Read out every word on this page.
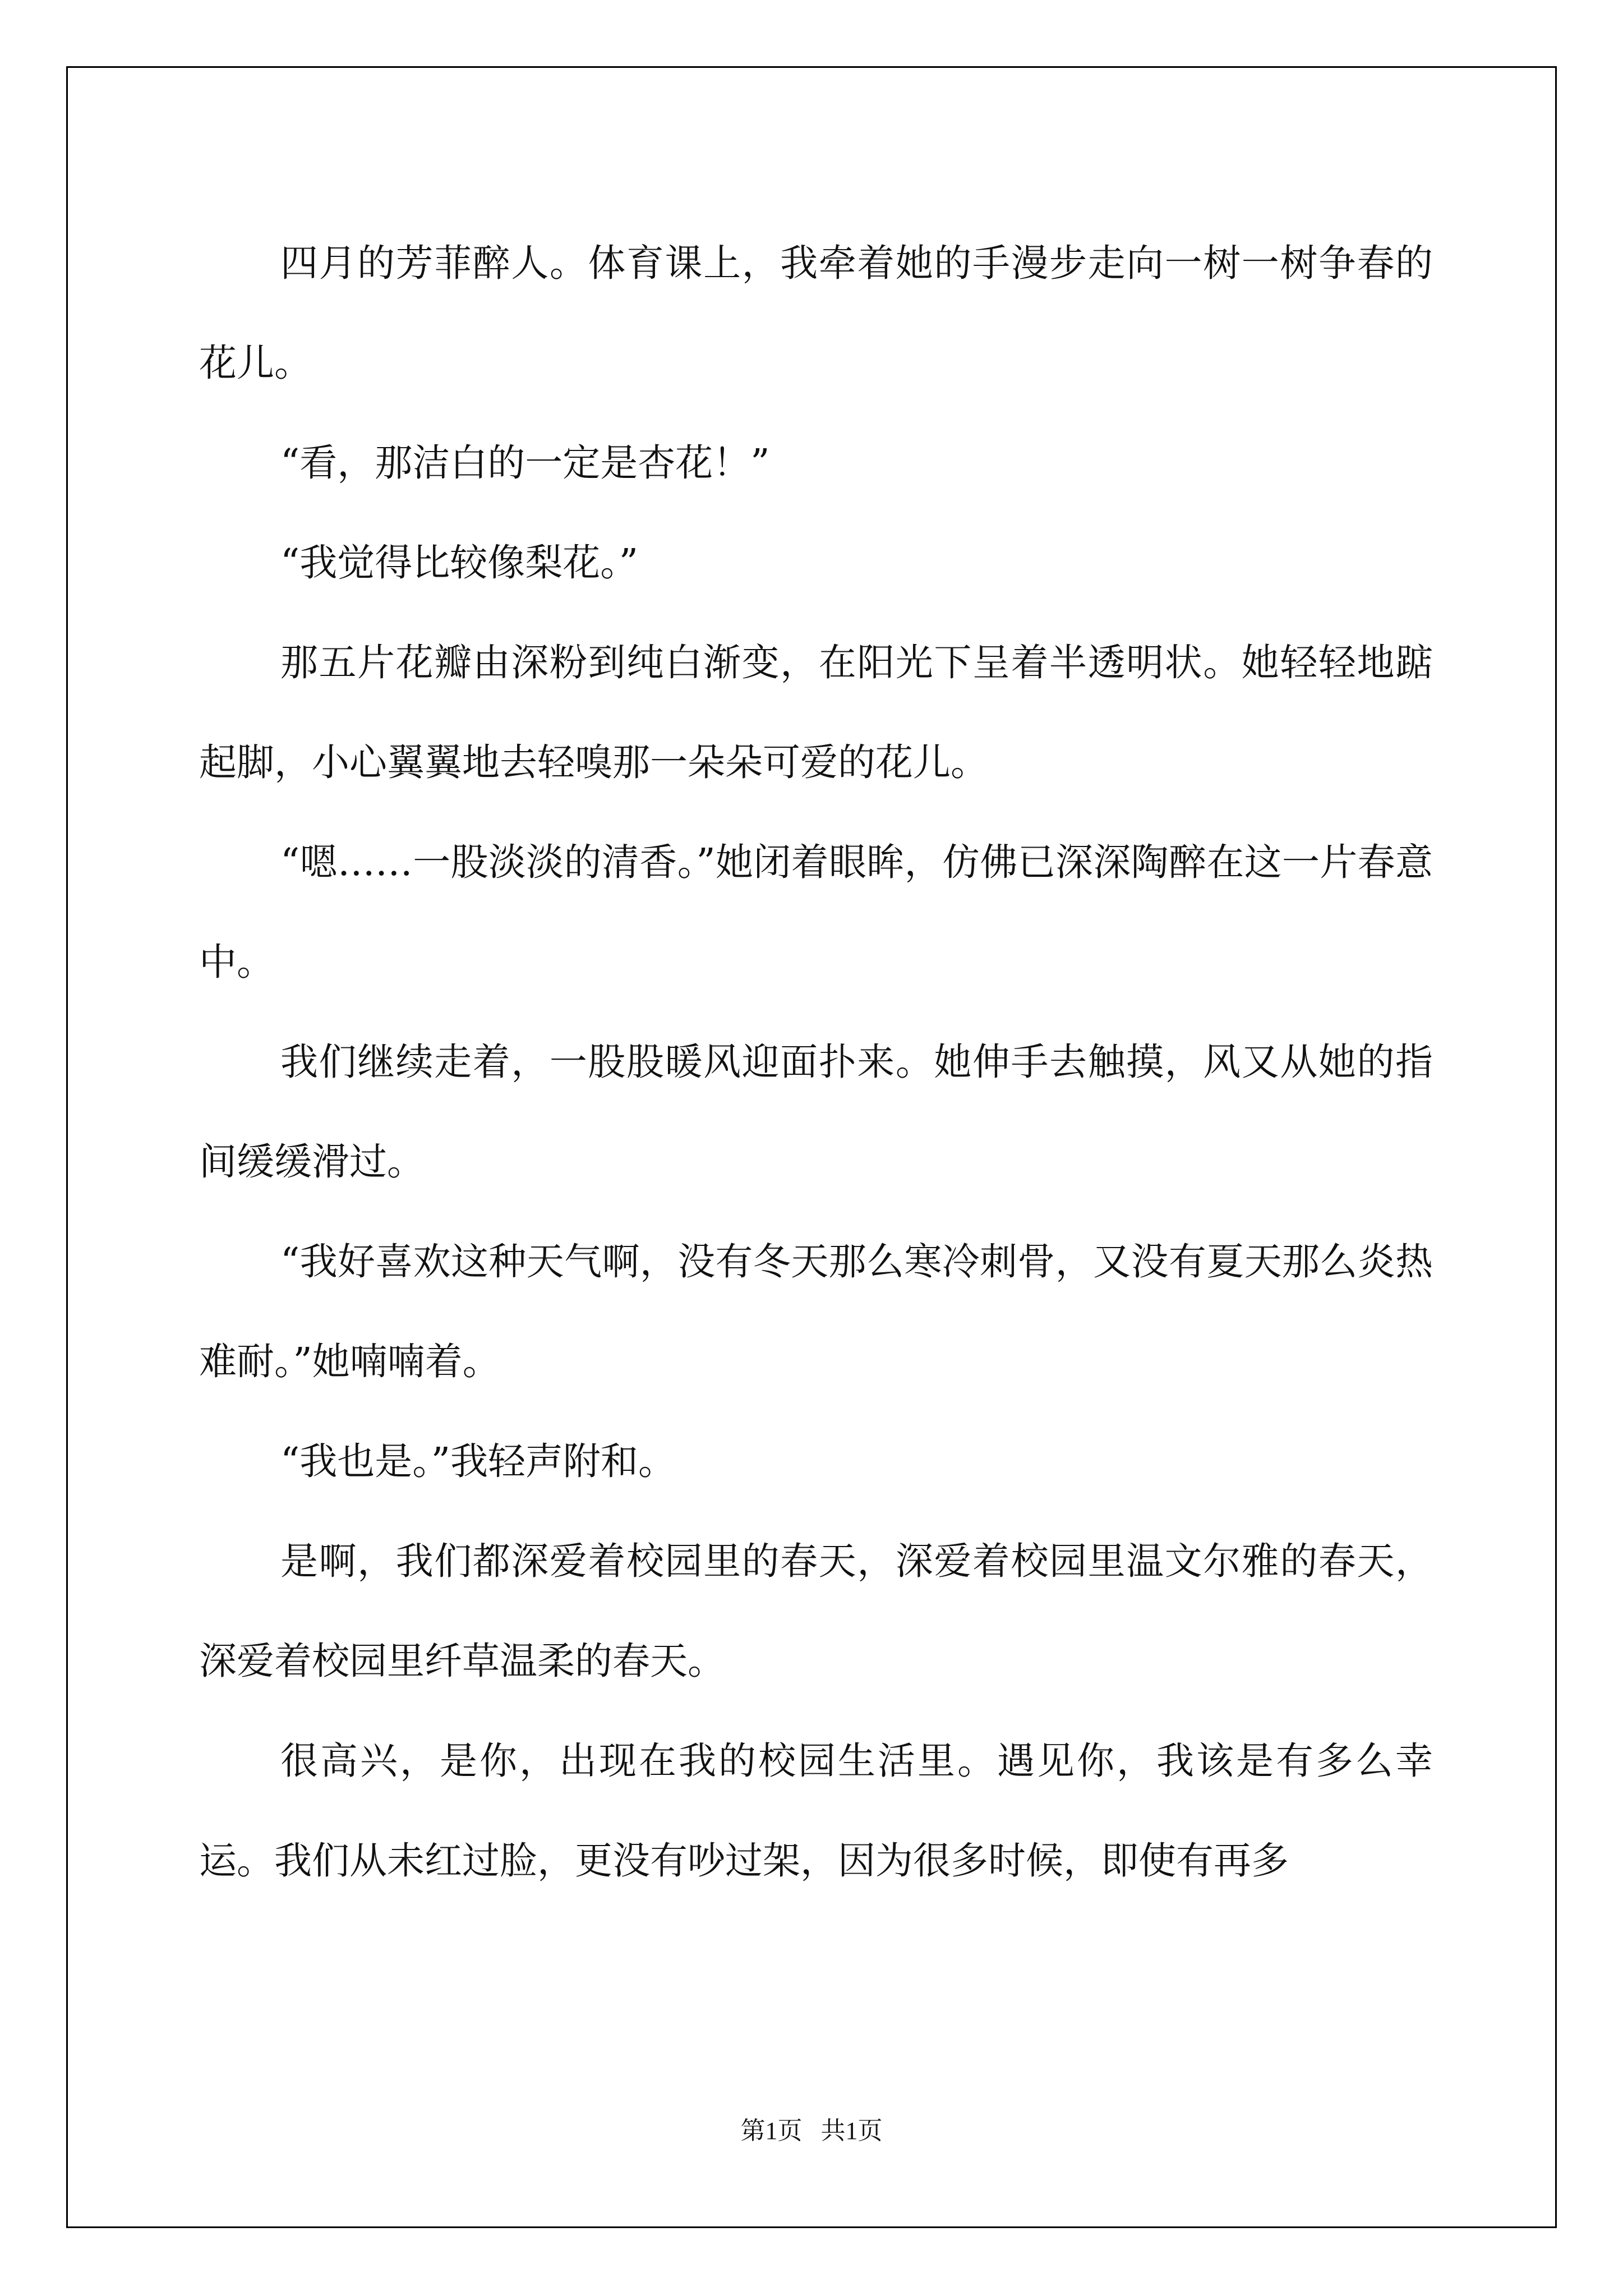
四月的芳菲醉人。体育课上，我牵着她的手漫步走向一树一树争春的花儿。

“看，那洁白的一定是杏花！”

“我觉得比较像梨花。”

那五片花瓣由深粉到纯白渐变，在阳光下呈着半透明状。她轻轻地踮起脚，小心翼翼地去轻嗅那一朵朵可爱的花儿。

“嗯……一股淡淡的清香。”她闭着眼眸，仿佛已深深陶醉在这一片春意中。

我们继续走着，一股股暖风迎面扑来。她伸手去触摸，风又从她的指间缓缓滑过。

“我好喜欢这种天气啊，没有冬天那么寒冷刺骨，又没有夏天那么炎热难耐。”她喃喃着。

“我也是。”我轻声附和。

是啊，我们都深爱着校园里的春天，深爱着校园里温文尔雅的春天，深爱着校园里纤草温柔的春天。

很高兴，是你，出现在我的校园生活里。遇见你，我该是有多么幸运。我们从未红过脸，更没有吵过架，因为很多时候，即使有再多

第1页 共1页
